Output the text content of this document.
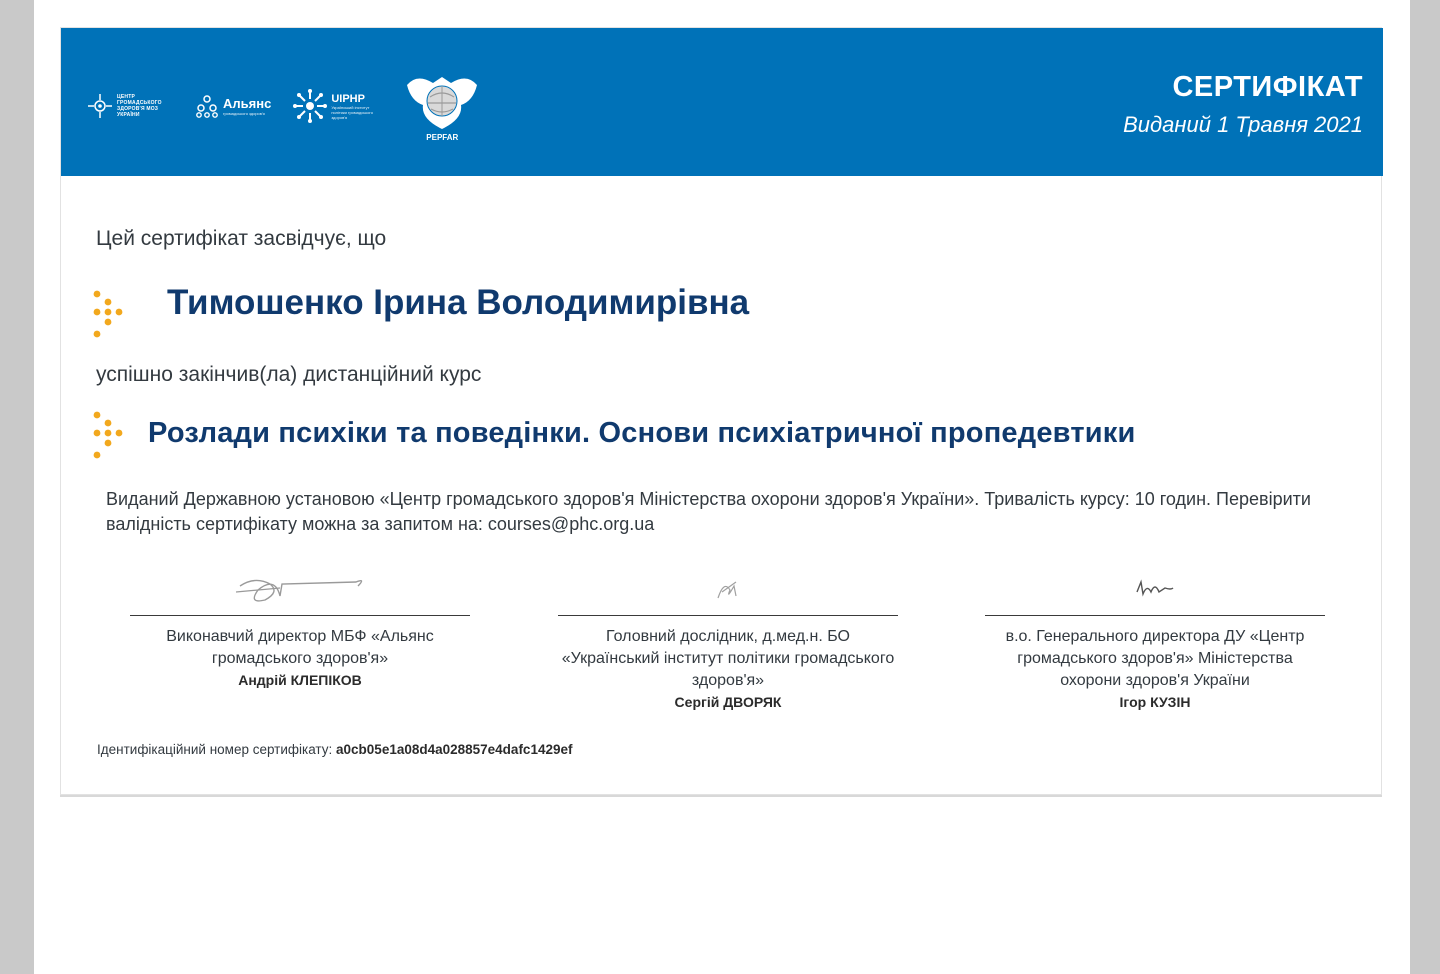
ЦЕНТР ГРОМАДСЬКОГО ЗДОРОВ'Я МОЗ УКРАЇНИ
Альянс
громадського здоров'я
UIPHP
Український інститут політики громадського здоров'я
PEPFAR
СЕРТИФІКАТ
Виданий 1 Травня 2021
Цей сертифікат засвідчує, що
Тимошенко Ірина Володимирівна
успішно закінчив(ла) дистанційний курс
Розлади психіки та поведінки. Основи психіатричної пропедевтики
Виданий Державною установою «Центр громадського здоров'я Міністерства охорони здоров'я України». Тривалість курсу: 10 годин. Перевірити валідність сертифікату можна за запитом на: courses@phc.org.ua
Виконавчий директор МБФ «Альянс громадського здоров'я»
Андрій КЛЕПІКОВ
Головний дослідник, д.мед.н. БО «Український інститут політики громадського здоров'я»
Сергій ДВОРЯК
в.о. Генерального директора ДУ «Центр громадського здоров'я» Міністерства охорони здоров'я України
Ігор КУЗІН
Ідентифікаційний номер сертифікату: a0cb05e1a08d4a028857e4dafc1429ef
